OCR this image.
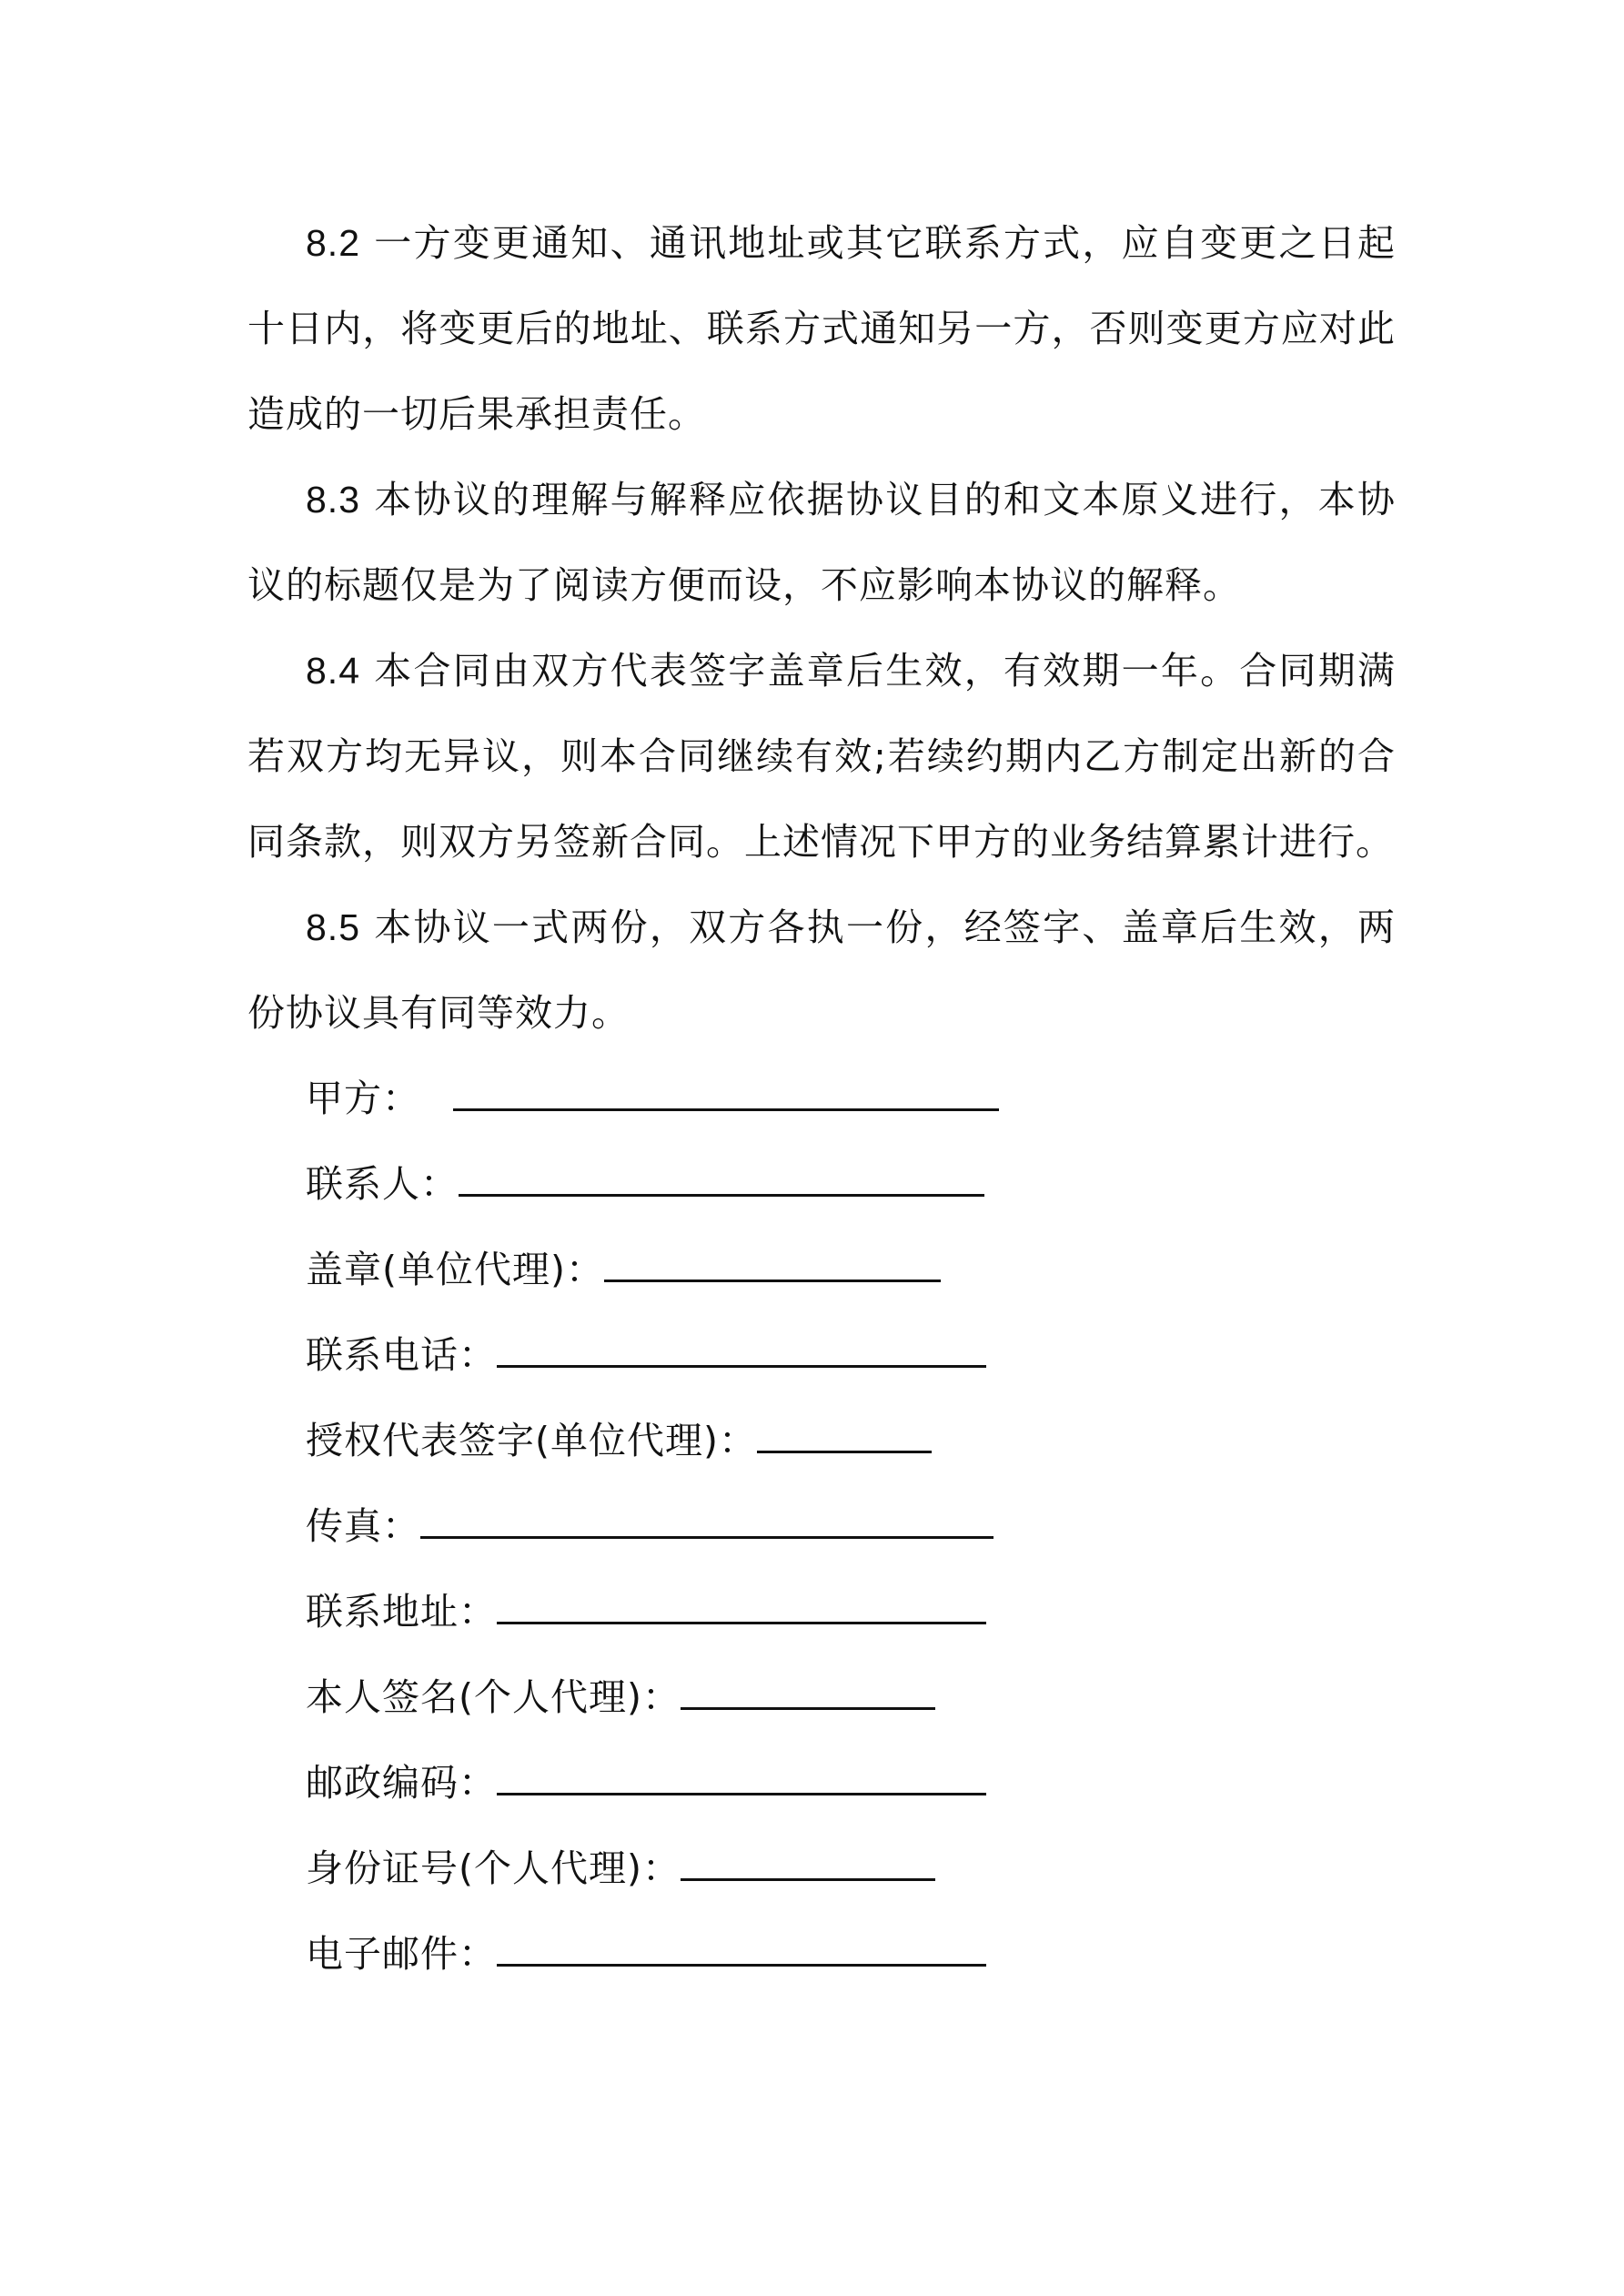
8.2 一方变更通知、通讯地址或其它联系方式，应自变更之日起十日内，将变更后的地址、联系方式通知另一方，否则变更方应对此造成的一切后果承担责任。

8.3 本协议的理解与解释应依据协议目的和文本原义进行，本协议的标题仅是为了阅读方便而设，不应影响本协议的解释。

8.4 本合同由双方代表签字盖章后生效，有效期一年。合同期满若双方均无异议，则本合同继续有效;若续约期内乙方制定出新的合同条款，则双方另签新合同。上述情况下甲方的业务结算累计进行。

8.5 本协议一式两份，双方各执一份，经签字、盖章后生效，两份协议具有同等效力。

甲方：
联系人：
盖章(单位代理)：
联系电话：
授权代表签字(单位代理)：
传真：
联系地址：
本人签名(个人代理)：
邮政编码：
身份证号(个人代理)：
电子邮件：
